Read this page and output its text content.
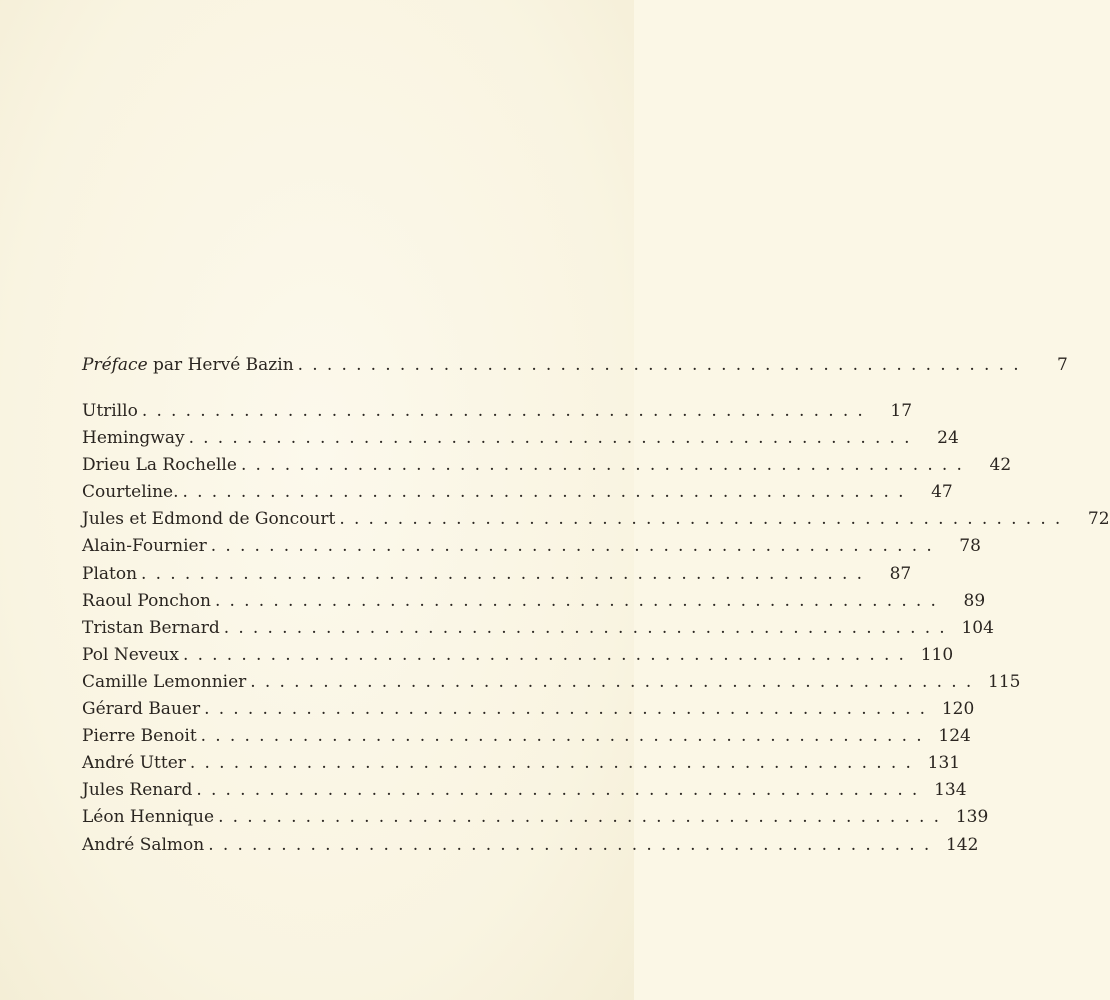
Préface par Hervé Bazin ..................................................	7
Utrillo ..................................................	17
Hemingway ..................................................	24
Drieu La Rochelle ..................................................	42
Courteline. ..................................................	47
Jules et Edmond de Goncourt ..................................................	72
Alain-Fournier ..................................................	78
Platon ..................................................	87
Raoul Ponchon ..................................................	89
Tristan Bernard .................................................. 104
Pol Neveux .................................................. 110
Camille Lemonnier .................................................. 115
Gérard Bauer .................................................. 120
Pierre Benoit .................................................. 124
André Utter .................................................. 131
Jules Renard .................................................. 134
Léon Hennique .................................................. 139
André Salmon .................................................. 142
